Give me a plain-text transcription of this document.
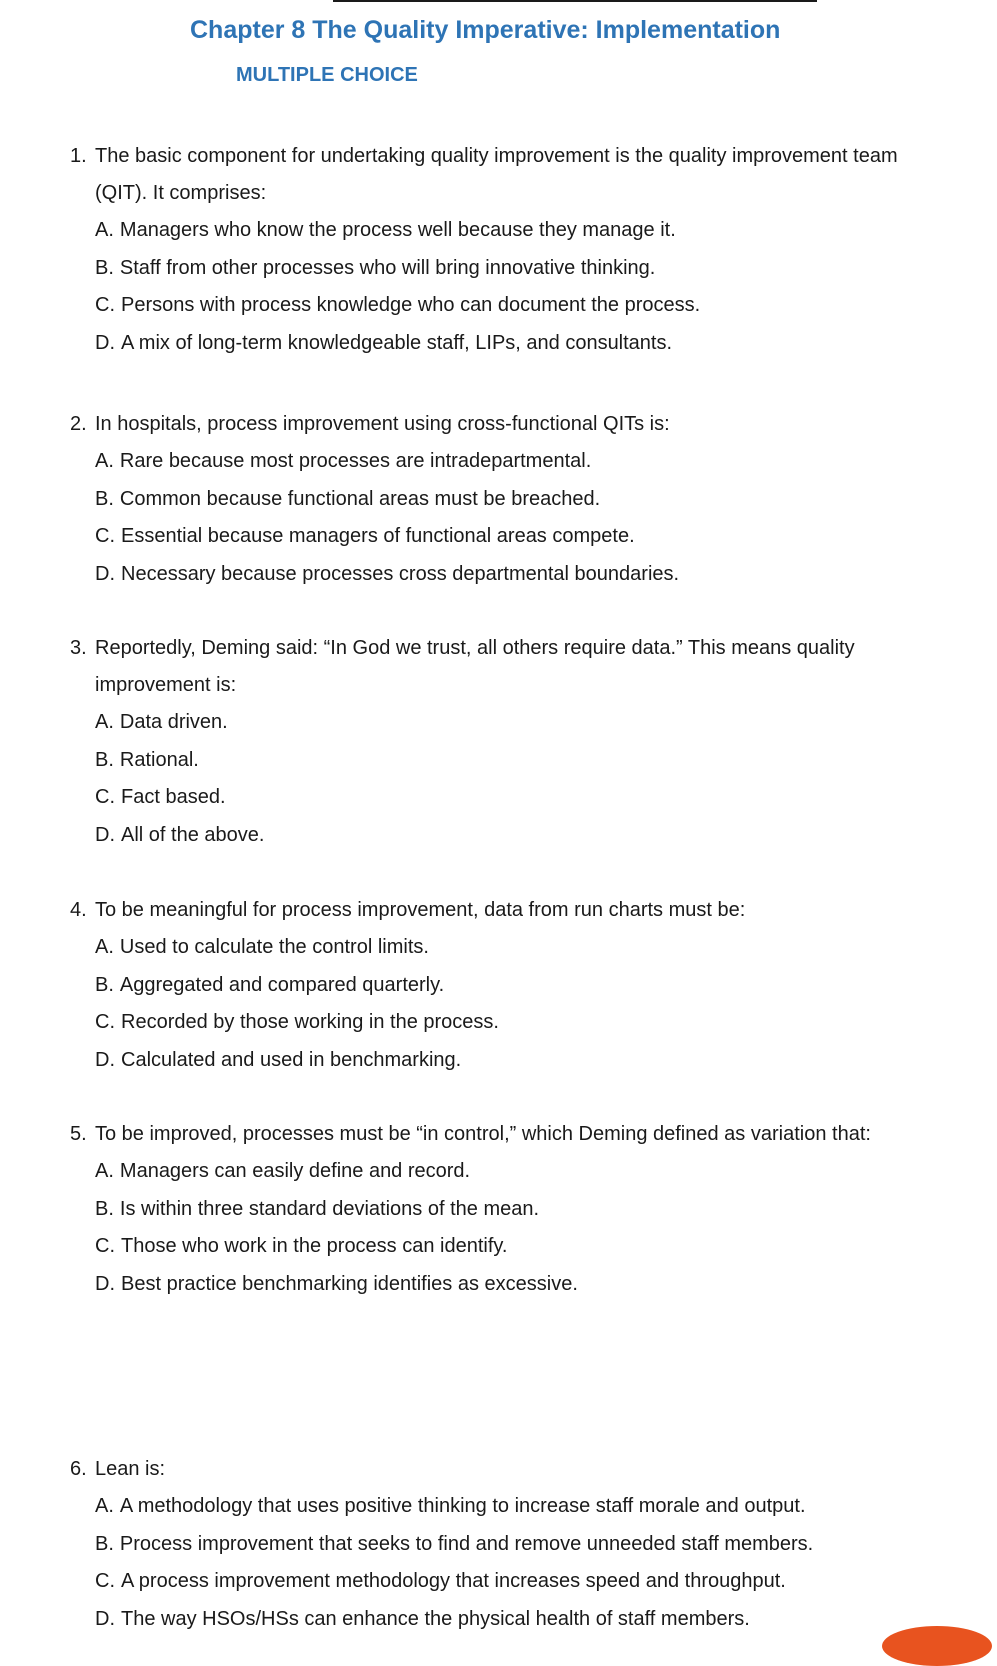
Chapter 8 The Quality Imperative: Implementation
MULTIPLE CHOICE
1. The basic component for undertaking quality improvement is the quality improvement team (QIT). It comprises:
A. Managers who know the process well because they manage it.
B. Staff from other processes who will bring innovative thinking.
C. Persons with process knowledge who can document the process.
D. A mix of long-term knowledgeable staff, LIPs, and consultants.
2. In hospitals, process improvement using cross-functional QITs is:
A. Rare because most processes are intradepartmental.
B. Common because functional areas must be breached.
C. Essential because managers of functional areas compete.
D. Necessary because processes cross departmental boundaries.
3. Reportedly, Deming said: “In God we trust, all others require data.” This means quality improvement is:
A. Data driven.
B. Rational.
C. Fact based.
D. All of the above.
4. To be meaningful for process improvement, data from run charts must be:
A. Used to calculate the control limits.
B. Aggregated and compared quarterly.
C. Recorded by those working in the process.
D. Calculated and used in benchmarking.
5. To be improved, processes must be “in control,” which Deming defined as variation that:
A. Managers can easily define and record.
B. Is within three standard deviations of the mean.
C. Those who work in the process can identify.
D. Best practice benchmarking identifies as excessive.
6. Lean is:
A. A methodology that uses positive thinking to increase staff morale and output.
B. Process improvement that seeks to find and remove unneeded staff members.
C. A process improvement methodology that increases speed and throughput.
D. The way HSOs/HSs can enhance the physical health of staff members.
